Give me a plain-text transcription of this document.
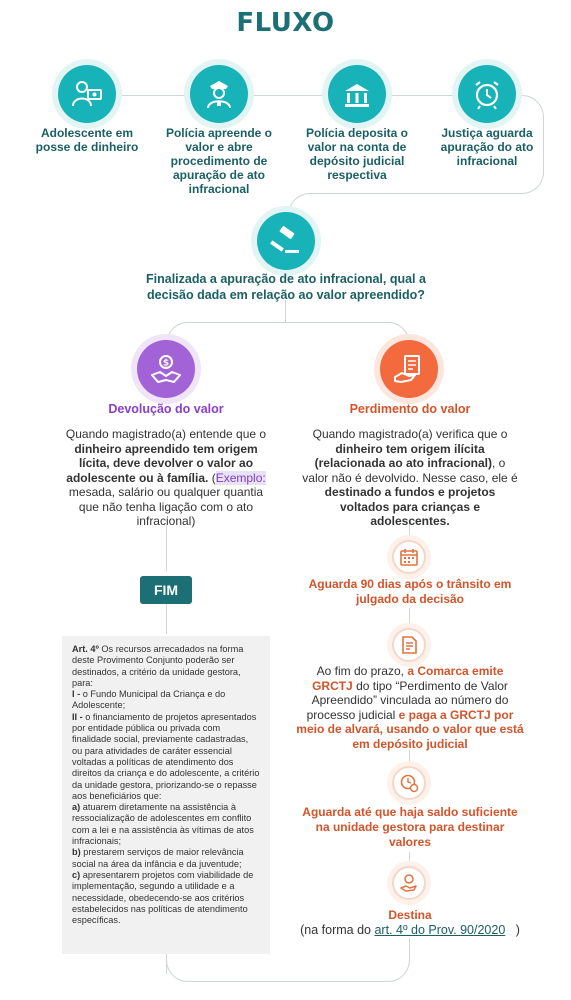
FLUXO
Adolescente em posse de dinheiro
Polícia apreende o valor e abre procedimento de apuração de ato infracional
Polícia deposita o valor na conta de depósito judicial respectiva
Justiça aguarda apuração do ato infracional
Finalizada a apuração de ato infracional, qual a decisão dada em relação ao valor apreendido?
$
Devolução do valor
Quando magistrado(a) entende que o dinheiro apreendido tem origem lícita, deve devolver o valor ao adolescente ou à família. (Exemplo: mesada, salário ou qualquer quantia que não tenha ligação com o ato infracional)
FIM
Art. 4º Os recursos arrecadados na forma deste Provimento Conjunto poderão ser destinados, a critério da unidade gestora, para:
I - o Fundo Municipal da Criança e do Adolescente;
II - o financiamento de projetos apresentados por entidade pública ou privada com finalidade social, previamente cadastradas, ou para atividades de caráter essencial voltadas a políticas de atendimento dos direitos da criança e do adolescente, a critério da unidade gestora, priorizando-se o repasse aos beneficiários que:
a) atuarem diretamente na assistência à ressocialização de adolescentes em conflito com a lei e na assistência às vítimas de atos infracionais;
b) prestarem serviços de maior relevância social na área da infância e da juventude;
c) apresentarem projetos com viabilidade de implementação, segundo a utilidade e a necessidade, obedecendo-se aos critérios estabelecidos nas políticas de atendimento específicas.
Perdimento do valor
Quando magistrado(a) verifica que o dinheiro tem origem ilícita (relacionada ao ato infracional), o valor não é devolvido. Nesse caso, ele é destinado a fundos e projetos voltados para crianças e adolescentes.
Aguarda 90 dias após o trânsito em julgado da decisão
Ao fim do prazo, a Comarca emite GRCTJ do tipo “Perdimento de Valor Apreendido” vinculada ao número do processo judicial e paga a GRCTJ por meio de alvará, usando o valor que está em depósito judicial
Aguarda até que haja saldo suficiente na unidade gestora para destinar valores
Destina
(na forma do art. 4º do Prov. 90/2020 )
